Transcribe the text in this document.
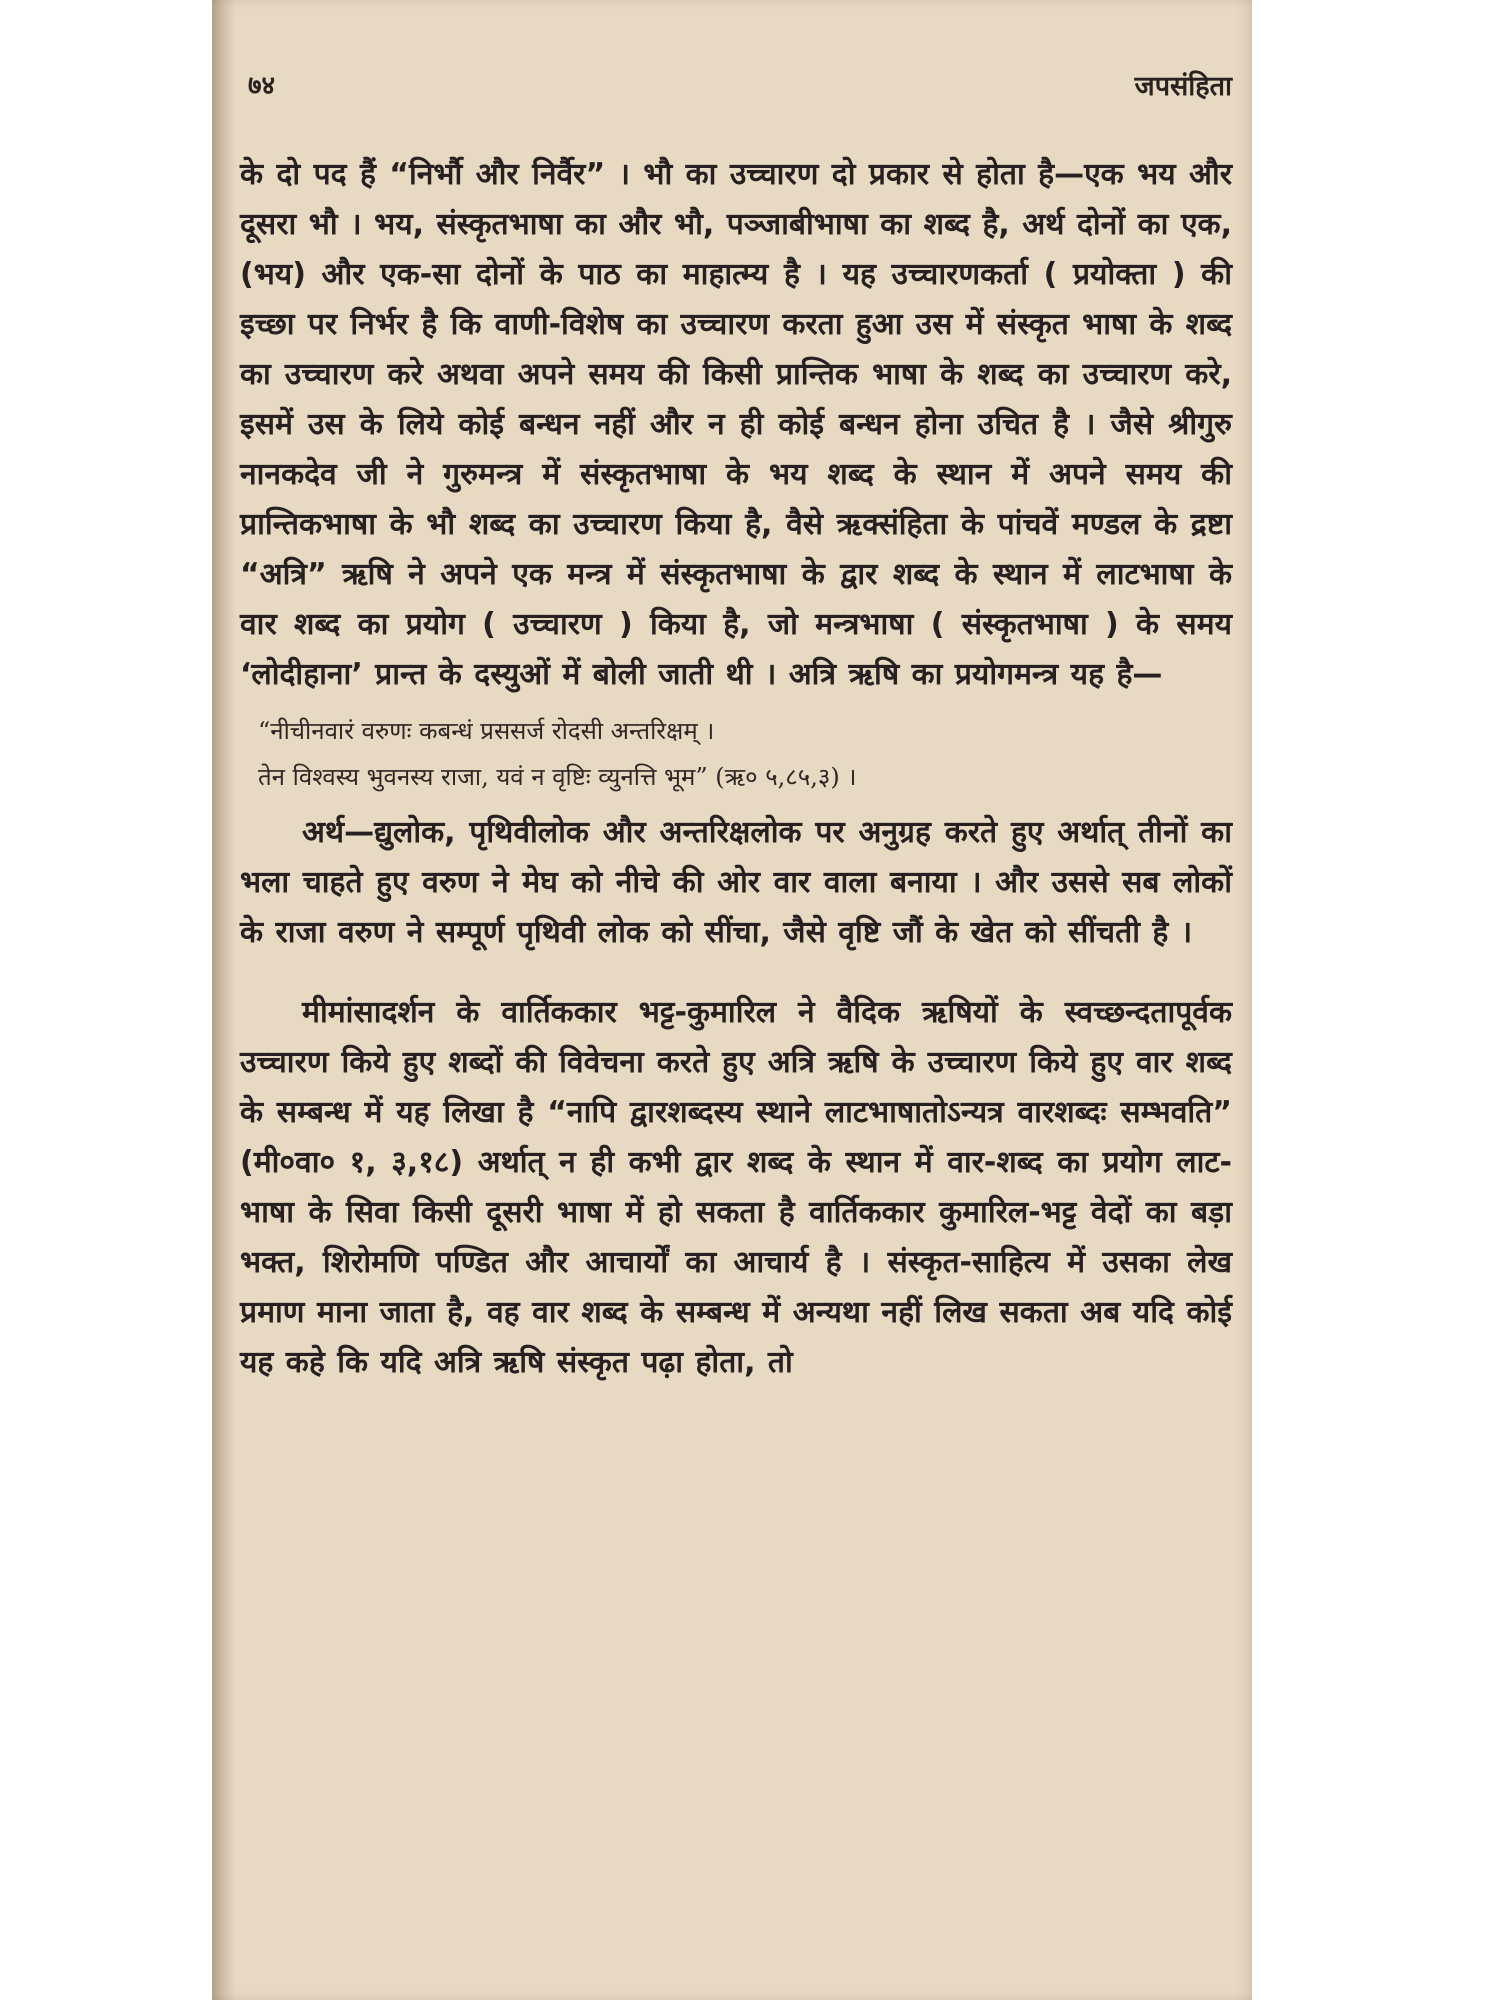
७४	जपसंहिता

के दो पद हैं “निर्भौ और निर्वैर” । भौ का उच्चारण दो प्रकार से होता है—एक भय और दूसरा भौ । भय, संस्कृतभाषा का और भौ, पञ्जाबीभाषा का शब्द है, अर्थ दोनों का एक, (भय) और एक-सा दोनों के पाठ का माहात्म्य है । यह उच्चारणकर्ता ( प्रयोक्ता ) की इच्छा पर निर्भर है कि वाणी-विशेष का उच्चारण करता हुआ उस में संस्कृत भाषा के शब्द का उच्चारण करे अथवा अपने समय की किसी प्रान्तिक भाषा के शब्द का उच्चारण करे, इसमें उस के लिये कोई बन्धन नहीं और न ही कोई बन्धन होना उचित है । जैसे श्रीगुरु नानकदेव जी ने गुरुमन्त्र में संस्कृतभाषा के भय शब्द के स्थान में अपने समय की प्रान्तिकभाषा के भौ शब्द का उच्चारण किया है, वैसे ऋक्संहिता के पांचवें मण्डल के द्रष्टा “अत्रि” ऋषि ने अपने एक मन्त्र में संस्कृतभाषा के द्वार शब्द के स्थान में लाटभाषा के वार शब्द का प्रयोग ( उच्चारण ) किया है, जो मन्त्रभाषा ( संस्कृतभाषा ) के समय ‘लोदीहाना’ प्रान्त के दस्युओं में बोली जाती थी । अत्रि ऋषि का प्रयोगमन्त्र यह है—

“नीचीनवारं वरुणः कबन्धं प्रससर्ज रोदसी अन्तरिक्षम् ।

तेन विश्वस्य भुवनस्य राजा, यवं न वृष्टिः व्युनत्ति भूम” (ऋ० ५,८५,३) ।

अर्थ—द्युलोक, पृथिवीलोक और अन्तरिक्षलोक पर अनुग्रह करते हुए अर्थात् तीनों का भला चाहते हुए वरुण ने मेघ को नीचे की ओर वार वाला बनाया । और उससे सब लोकों के राजा वरुण ने सम्पूर्ण पृथिवी लोक को सींचा, जैसे वृष्टि जौं के खेत को सींचती है ।

मीमांसादर्शन के वार्तिककार भट्ट-कुमारिल ने वैदिक ऋषियों के स्वच्छन्दतापूर्वक उच्चारण किये हुए शब्दों की विवेचना करते हुए अत्रि ऋषि के उच्चारण किये हुए वार शब्द के सम्बन्ध में यह लिखा है “नापि द्वारशब्दस्य स्थाने लाटभाषातोऽन्यत्र वारशब्दः सम्भवति” (मी०वा० १, ३,१८) अर्थात् न ही कभी द्वार शब्द के स्थान में वार-शब्द का प्रयोग लाट-भाषा के सिवा किसी दूसरी भाषा में हो सकता है वार्तिककार कुमारिल-भट्ट वेदों का बड़ा भक्त, शिरोमणि पण्डित और आचार्यों का आचार्य है । संस्कृत-साहित्य में उसका लेख प्रमाण माना जाता है, वह वार शब्द के सम्बन्ध में अन्यथा नहीं लिख सकता अब यदि कोई यह कहे कि यदि अत्रि ऋषि संस्कृत पढ़ा होता, तो
